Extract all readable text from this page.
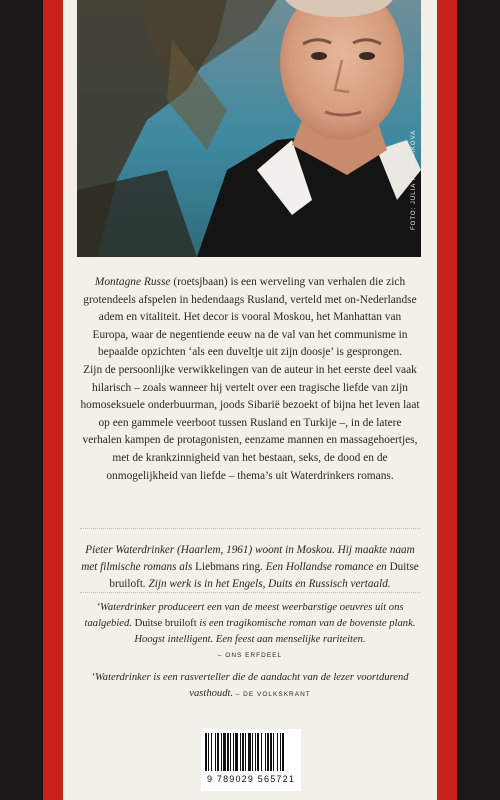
FOTO: JULIA KLOTCHKOVA

Montagne Russe (roetsjbaan) is een werveling van verhalen die zich grotendeels afspelen in hedendaags Rusland, verteld met on-Nederlandse adem en vitaliteit. Het decor is vooral Moskou, het Manhattan van Europa, waar de negentiende eeuw na de val van het communisme in bepaalde opzichten ‘als een duveltje uit zijn doosje’ is gesprongen.

Zijn de persoonlijke verwikkelingen van de auteur in het eerste deel vaak hilarisch – zoals wanneer hij vertelt over een tragische liefde van zijn homoseksuele onderbuurman, joods Sibarië bezoekt of bijna het leven laat op een gammele veerboot tussen Rusland en Turkije –, in de latere verhalen kampen de protagonisten, eenzame mannen en massagehoertjes, met de krankzinnigheid van het bestaan, seks, de dood en de onmogelijkheid van liefde – thema’s uit Waterdrinkers romans.

Pieter Waterdrinker (Haarlem, 1961) woont in Moskou. Hij maakte naam met filmische romans als Liebmans ring. Een Hollandse romance en Duitse bruiloft. Zijn werk is in het Engels, Duits en Russisch vertaald.

‘Waterdrinker produceert een van de meest weerbarstige oeuvres uit ons taalgebied. Duitse bruiloft is een tragikomische roman van de bovenste plank. Hoogst intelligent. Een feest aan menselijke rariteiten.

– ONS ERFDEEL

‘Waterdrinker is een rasverteller die de aandacht van de lezer voortdurend vasthoudt. – DE VOLKSKRANT

9 789029 565721
